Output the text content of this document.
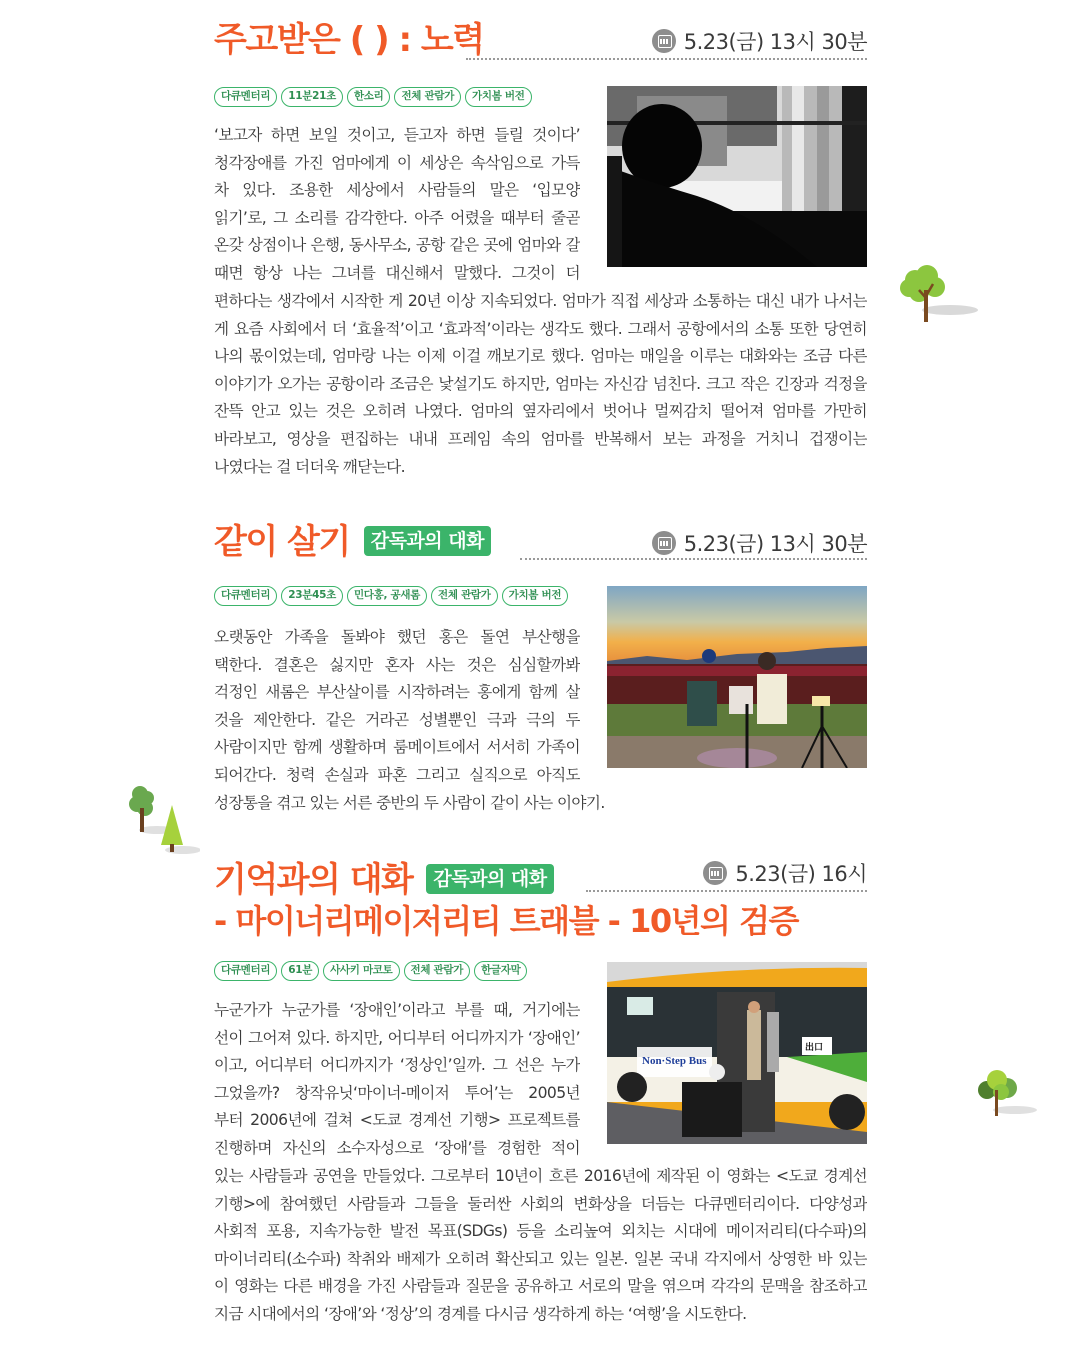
주고받은 ( ) : 노력	5.23(금) 13시 30분
다큐멘터리	11분21초	한소리	전체 관람가	가치봄 버전
‘보고자 하면 보일 것이고, 듣고자 하면 들릴 것이다’
청각장애를 가진 엄마에게 이 세상은 속삭임으로 가득
차 있다. 조용한 세상에서 사람들의 말은 ‘입모양
읽기’로, 그 소리를 감각한다. 아주 어렸을 때부터 줄곧
온갖 상점이나 은행, 동사무소, 공항 같은 곳에 엄마와 갈
때면 항상 나는 그녀를 대신해서 말했다. 그것이 더
편하다는 생각에서 시작한 게 20년 이상 지속되었다. 엄마가 직접 세상과 소통하는 대신 내가 나서는
게 요즘 사회에서 더 ‘효율적’이고 ‘효과적’이라는 생각도 했다. 그래서 공항에서의 소통 또한 당연히
나의 몫이었는데, 엄마랑 나는 이제 이걸 깨보기로 했다. 엄마는 매일을 이루는 대화와는 조금 다른
이야기가 오가는 공항이라 조금은 낯설기도 하지만, 엄마는 자신감 넘친다. 크고 작은 긴장과 걱정을
잔뜩 안고 있는 것은 오히려 나였다. 엄마의 옆자리에서 벗어나 멀찌감치 떨어져 엄마를 가만히
바라보고, 영상을 편집하는 내내 프레임 속의 엄마를 반복해서 보는 과정을 거치니 겁쟁이는
나였다는 걸 더더욱 깨닫는다.
같이 살기 감독과의 대화	5.23(금) 13시 30분
다큐멘터리	23분45초	민다홍, 공새롬	전체 관람가	가치봄 버전
오랫동안 가족을 돌봐야 했던 홍은 돌연 부산행을
택한다. 결혼은 싫지만 혼자 사는 것은 심심할까봐
걱정인 새롬은 부산살이를 시작하려는 홍에게 함께 살
것을 제안한다. 같은 거라곤 성별뿐인 극과 극의 두
사람이지만 함께 생활하며 룸메이트에서 서서히 가족이
되어간다. 청력 손실과 파혼 그리고 실직으로 아직도
성장통을 겪고 있는 서른 중반의 두 사람이 같이 사는 이야기.
기억과의 대화 감독과의 대화	5.23(금) 16시
- 마이너리메이저리티 트래블 - 10년의 검증
다큐멘터리	61분	사사키 마코토	전체 관람가	한글자막
Non·Step Bus
出口
누군가가 누군가를 ‘장애인’이라고 부를 때, 거기에는
선이 그어져 있다. 하지만, 어디부터 어디까지가 ‘장애인’
이고, 어디부터 어디까지가 ‘정상인’일까. 그 선은 누가
그었을까? 창작유닛‘마이너-메이저 투어’는 2005년
부터 2006년에 걸쳐 <도쿄 경계선 기행> 프로젝트를
진행하며 자신의 소수자성으로 ‘장애’를 경험한 적이
있는 사람들과 공연을 만들었다. 그로부터 10년이 흐른 2016년에 제작된 이 영화는 <도쿄 경계선
기행>에 참여했던 사람들과 그들을 둘러싼 사회의 변화상을 더듬는 다큐멘터리이다. 다양성과
사회적 포용, 지속가능한 발전 목표(SDGs) 등을 소리높여 외치는 시대에 메이저리티(다수파)의
마이너리티(소수파) 착취와 배제가 오히려 확산되고 있는 일본. 일본 국내 각지에서 상영한 바 있는
이 영화는 다른 배경을 가진 사람들과 질문을 공유하고 서로의 말을 엮으며 각각의 문맥을 참조하고
지금 시대에서의 ‘장애’와 ‘정상’의 경계를 다시금 생각하게 하는 ‘여행’을 시도한다.
